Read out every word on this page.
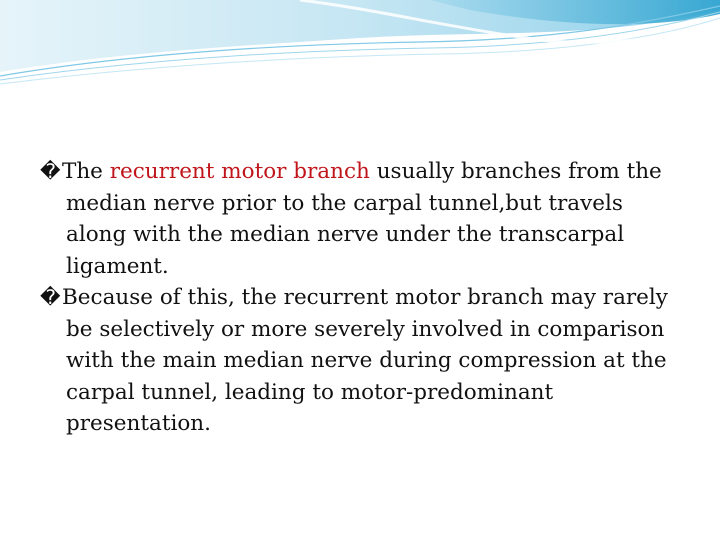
�The recurrent motor branch usually branches from the median nerve prior to the carpal tunnel,but travels along with the median nerve under the transcarpal ligament.

�Because of this, the recurrent motor branch may rarely be selectively or more severely involved in comparison with the main median nerve during compression at the carpal tunnel, leading to motor-predominant presentation.
